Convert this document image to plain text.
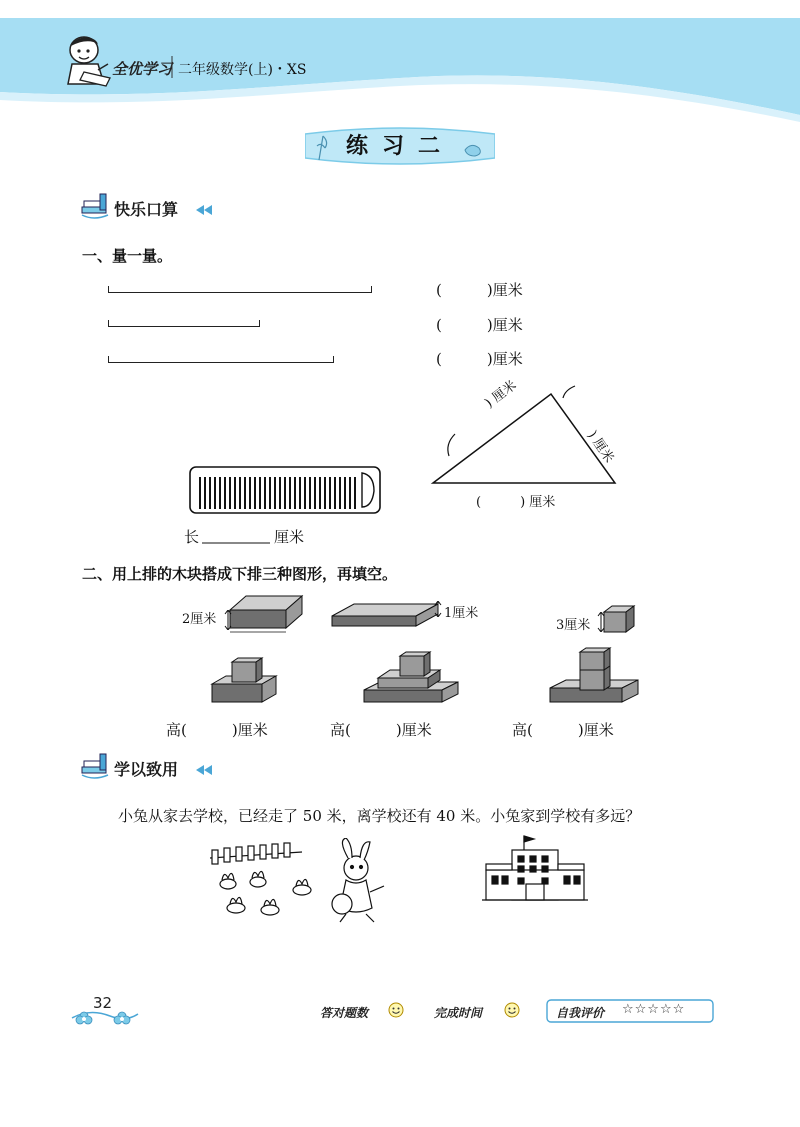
全优学习 二年级数学(上)・XS
练习二
快乐口算
一、量一量。
(　　　)厘米
(　　　)厘米
(　　　)厘米
) 厘米
) 厘米
(　　　) 厘米
长	厘米
二、用上排的木块搭成下排三种图形，再填空。
2厘米	1厘米
3厘米
高(　　　)厘米	高(　　　)厘米	高(　　　)厘米
学以致用
小兔从家去学校，已经走了 50 米，离学校还有 40 米。小兔家到学校有多远？
32
答对题数	完成时间	自我评价 ☆☆☆☆☆
